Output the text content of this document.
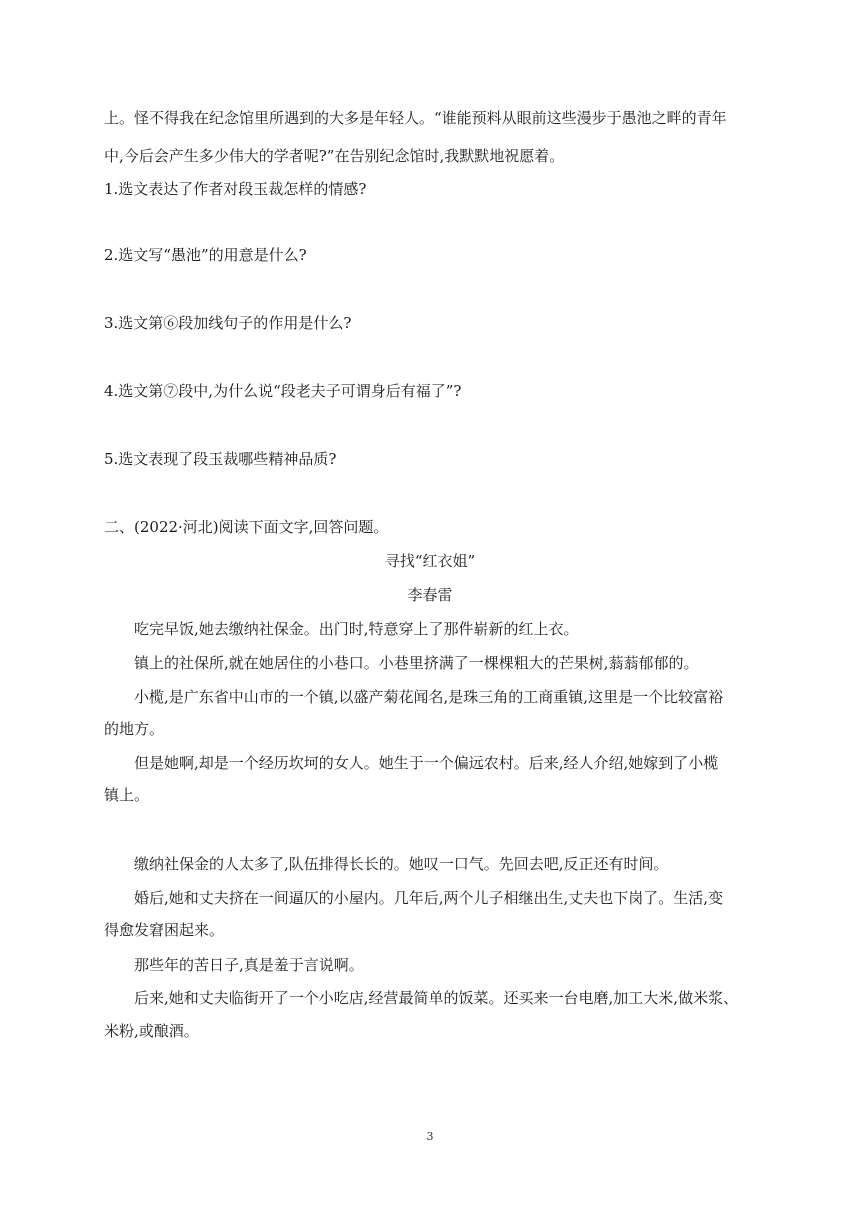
上。怪不得我在纪念馆里所遇到的大多是年轻人。“谁能预料从眼前这些漫步于愚池之畔的青年
中,今后会产生多少伟大的学者呢?”在告别纪念馆时,我默默地祝愿着。
1.选文表达了作者对段玉裁怎样的情感?
2.选文写“愚池”的用意是什么?
3.选文第⑥段加线句子的作用是什么?
4.选文第⑦段中,为什么说“段老夫子可谓身后有福了”?
5.选文表现了段玉裁哪些精神品质?
二、(2022·河北)阅读下面文字,回答问题。
寻找“红衣姐”
李春雷
吃完早饭,她去缴纳社保金。出门时,特意穿上了那件崭新的红上衣。
镇上的社保所,就在她居住的小巷口。小巷里挤满了一棵棵粗大的芒果树,蓊蓊郁郁的。
小榄,是广东省中山市的一个镇,以盛产菊花闻名,是珠三角的工商重镇,这里是一个比较富裕
的地方。
但是她啊,却是一个经历坎坷的女人。她生于一个偏远农村。后来,经人介绍,她嫁到了小榄
镇上。
缴纳社保金的人太多了,队伍排得长长的。她叹一口气。先回去吧,反正还有时间。
婚后,她和丈夫挤在一间逼仄的小屋内。几年后,两个儿子相继出生,丈夫也下岗了。生活,变
得愈发窘困起来。
那些年的苦日子,真是羞于言说啊。
后来,她和丈夫临街开了一个小吃店,经营最简单的饭菜。还买来一台电磨,加工大米,做米浆、
米粉,或酿酒。
3
